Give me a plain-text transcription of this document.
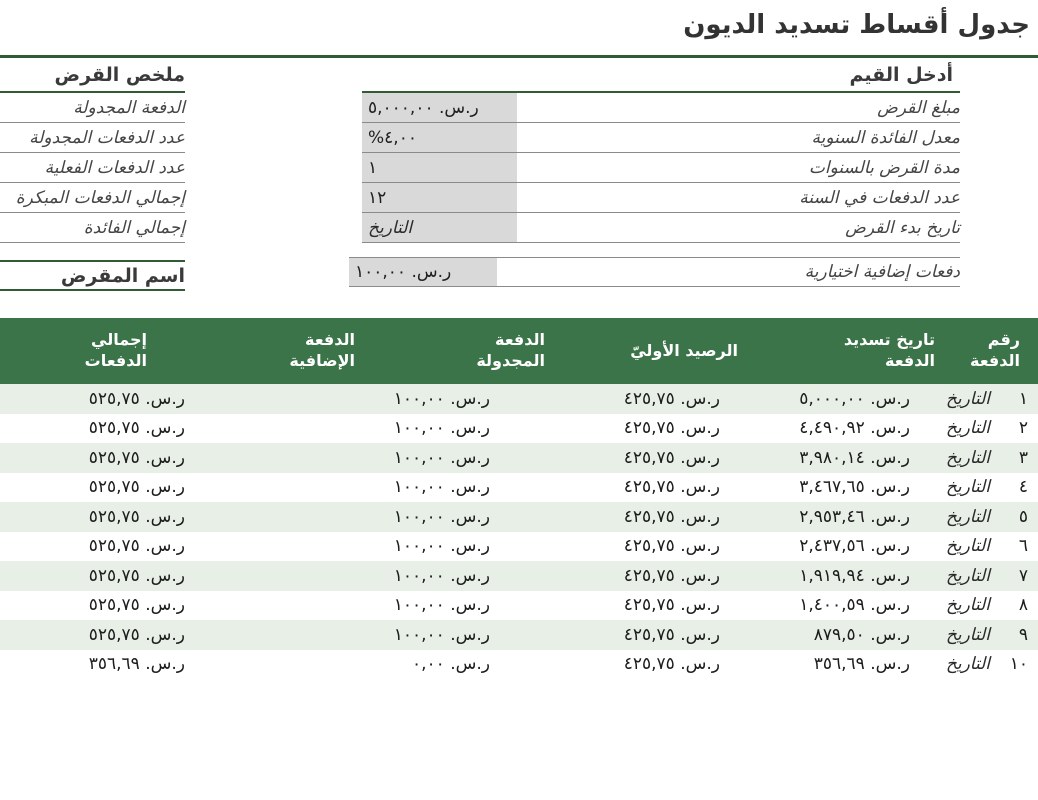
جدول أقساط تسديد الديون
أدخل القيم
مبلغ القرض
ر.س. ٥,٠٠٠,٠٠
معدل الفائدة السنوية
٤,٠٠%
مدة القرض بالسنوات
١
عدد الدفعات في السنة
١٢
تاريخ بدء القرض
التاريخ
دفعات إضافية اختيارية
ر.س. ١٠٠,٠٠
ملخص القرض
الدفعة المجدولة
عدد الدفعات المجدولة
عدد الدفعات الفعلية
إجمالي الدفعات المبكرة
إجمالي الفائدة
اسم المقرض
رقم الدفعة
تاريخ تسديد الدفعة
الرصيد الأوليّ
الدفعة المجدولة
الدفعة الإضافية
إجمالي الدفعات
١
التاريخ
ر.س. ٥,٠٠٠,٠٠
ر.س. ٤٢٥,٧٥
ر.س. ١٠٠,٠٠
ر.س. ٥٢٥,٧٥
٢
التاريخ
ر.س. ٤,٤٩٠,٩٢
ر.س. ٤٢٥,٧٥
ر.س. ١٠٠,٠٠
ر.س. ٥٢٥,٧٥
٣
التاريخ
ر.س. ٣,٩٨٠,١٤
ر.س. ٤٢٥,٧٥
ر.س. ١٠٠,٠٠
ر.س. ٥٢٥,٧٥
٤
التاريخ
ر.س. ٣,٤٦٧,٦٥
ر.س. ٤٢٥,٧٥
ر.س. ١٠٠,٠٠
ر.س. ٥٢٥,٧٥
٥
التاريخ
ر.س. ٢,٩٥٣,٤٦
ر.س. ٤٢٥,٧٥
ر.س. ١٠٠,٠٠
ر.س. ٥٢٥,٧٥
٦
التاريخ
ر.س. ٢,٤٣٧,٥٦
ر.س. ٤٢٥,٧٥
ر.س. ١٠٠,٠٠
ر.س. ٥٢٥,٧٥
٧
التاريخ
ر.س. ١,٩١٩,٩٤
ر.س. ٤٢٥,٧٥
ر.س. ١٠٠,٠٠
ر.س. ٥٢٥,٧٥
٨
التاريخ
ر.س. ١,٤٠٠,٥٩
ر.س. ٤٢٥,٧٥
ر.س. ١٠٠,٠٠
ر.س. ٥٢٥,٧٥
٩
التاريخ
ر.س. ٨٧٩,٥٠
ر.س. ٤٢٥,٧٥
ر.س. ١٠٠,٠٠
ر.س. ٥٢٥,٧٥
١٠
التاريخ
ر.س. ٣٥٦,٦٩
ر.س. ٤٢٥,٧٥
ر.س. ٠,٠٠
ر.س. ٣٥٦,٦٩
